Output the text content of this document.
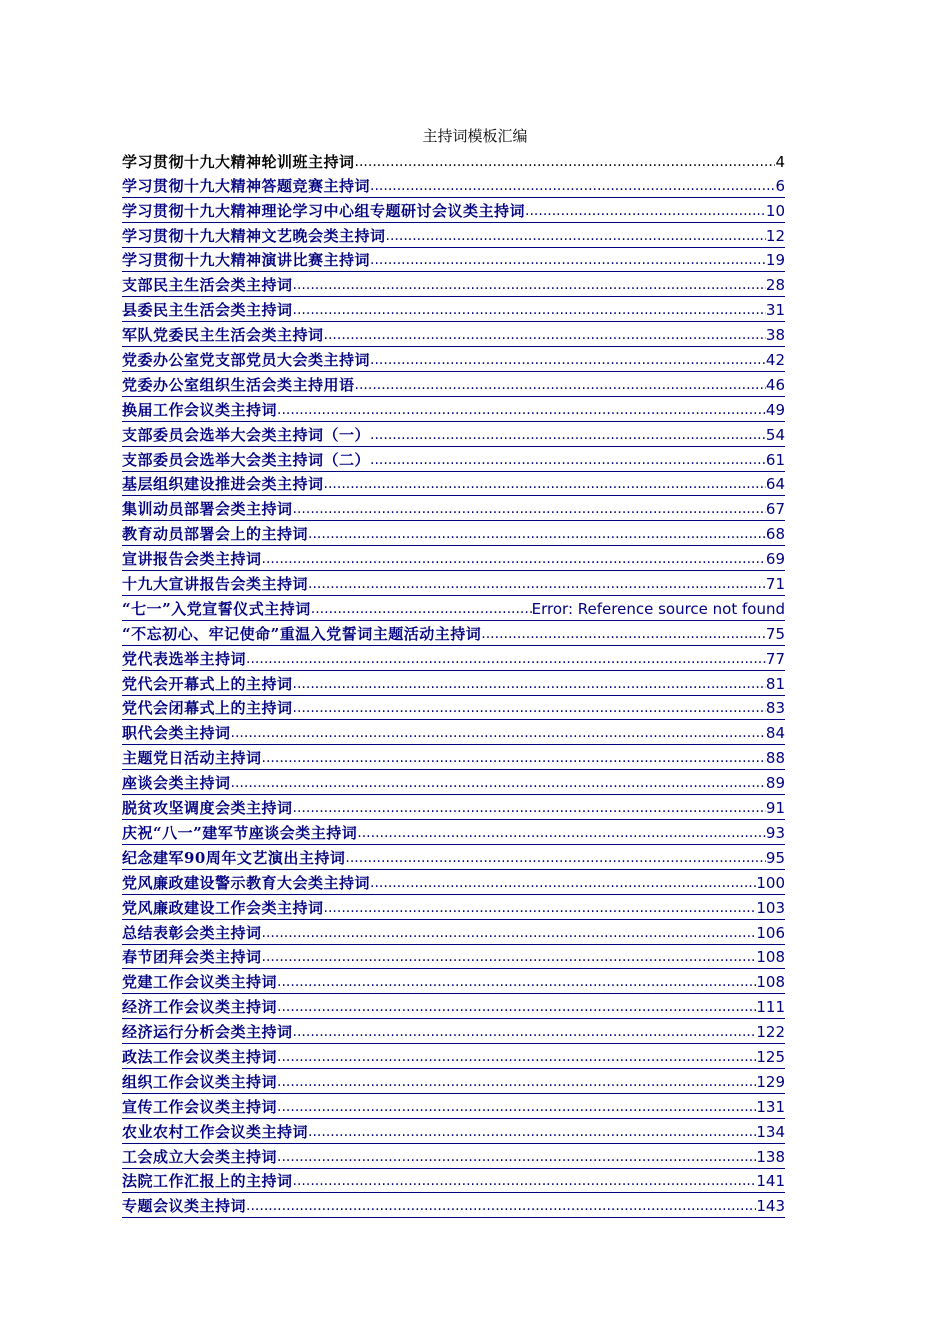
主持词模板汇编
学习贯彻十九大精神轮训班主持词 .....	4
学习贯彻十九大精神答题竞赛主持词 .....	6
学习贯彻十九大精神理论学习中心组专题研讨会议类主持词 .....	10
学习贯彻十九大精神文艺晚会类主持词 .....	12
学习贯彻十九大精神演讲比赛主持词 .....	19
支部民主生活会类主持词 .....	28
县委民主生活会类主持词 .....	31
军队党委民主生活会类主持词 .....	38
党委办公室党支部党员大会类主持词 .....	42
党委办公室组织生活会类主持用语 .....	46
换届工作会议类主持词 .....	49
支部委员会选举大会类主持词（一） .....	54
支部委员会选举大会类主持词（二） .....	61
基层组织建设推进会类主持词 .....	64
集训动员部署会类主持词 .....	67
教育动员部署会上的主持词 .....	68
宣讲报告会类主持词 .....	69
十九大宣讲报告会类主持词 .....	71
“七一”入党宣誓仪式主持词 .....	Error: Reference source not found
“不忘初心、牢记使命”重温入党誓词主题活动主持词 .....	75
党代表选举主持词 .....	77
党代会开幕式上的主持词 .....	81
党代会闭幕式上的主持词 .....	83
职代会类主持词 .....	84
主题党日活动主持词 .....	88
座谈会类主持词 .....	89
脱贫攻坚调度会类主持词 .....	91
庆祝“八一”建军节座谈会类主持词 .....	93
纪念建军90周年文艺演出主持词 .....	95
党风廉政建设警示教育大会类主持词 .....	100
党风廉政建设工作会类主持词 .....	103
总结表彰会类主持词 .....	106
春节团拜会类主持词 .....	108
党建工作会议类主持词 .....	108
经济工作会议类主持词 .....	111
经济运行分析会类主持词 .....	122
政法工作会议类主持词 .....	125
组织工作会议类主持词 .....	129
宣传工作会议类主持词 .....	131
农业农村工作会议类主持词 .....	134
工会成立大会类主持词 .....	138
法院工作汇报上的主持词 .....	141
专题会议类主持词 .....	143
